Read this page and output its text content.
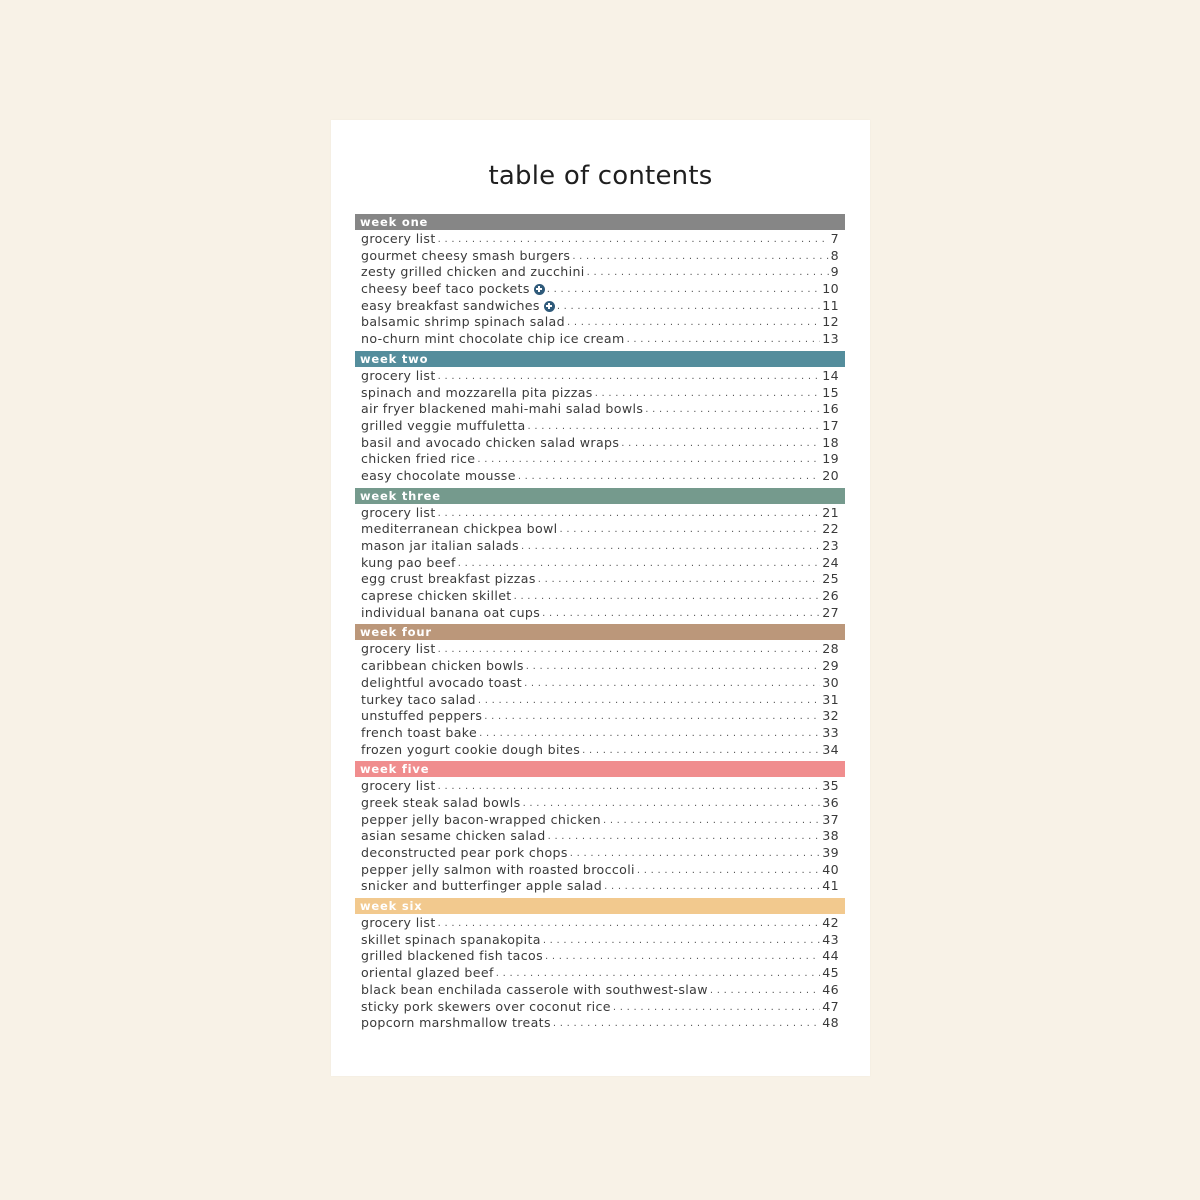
table of contents
week one
grocery list . . .	7
gourmet cheesy smash burgers . . .	8
zesty grilled chicken and zucchini . . .	9
cheesy beef taco pockets . . .	10
easy breakfast sandwiches . . .	11
balsamic shrimp spinach salad . . .	12
no-churn mint chocolate chip ice cream . . .	13
week two
grocery list . . .	14
spinach and mozzarella pita pizzas . . .	15
air fryer blackened mahi-mahi salad bowls . . .	16
grilled veggie muffuletta . . .	17
basil and avocado chicken salad wraps . . .	18
chicken fried rice . . .	19
easy chocolate mousse . . .	20
week three
grocery list . . .	21
mediterranean chickpea bowl . . .	22
mason jar italian salads . . .	23
kung pao beef . . .	24
egg crust breakfast pizzas . . .	25
caprese chicken skillet . . .	26
individual banana oat cups . . .	27
week four
grocery list . . .	28
caribbean chicken bowls . . .	29
delightful avocado toast . . .	30
turkey taco salad . . .	31
unstuffed peppers . . .	32
french toast bake . . .	33
frozen yogurt cookie dough bites . . .	34
week five
grocery list . . .	35
greek steak salad bowls . . .	36
pepper jelly bacon-wrapped chicken . . .	37
asian sesame chicken salad . . .	38
deconstructed pear pork chops . . .	39
pepper jelly salmon with roasted broccoli . . .	40
snicker and butterfinger apple salad . . .	41
week six
grocery list . . .	42
skillet spinach spanakopita . . .	43
grilled blackened fish tacos . . .	44
oriental glazed beef . . .	45
black bean enchilada casserole with southwest-slaw . . .	46
sticky pork skewers over coconut rice . . .	47
popcorn marshmallow treats . . .	48
